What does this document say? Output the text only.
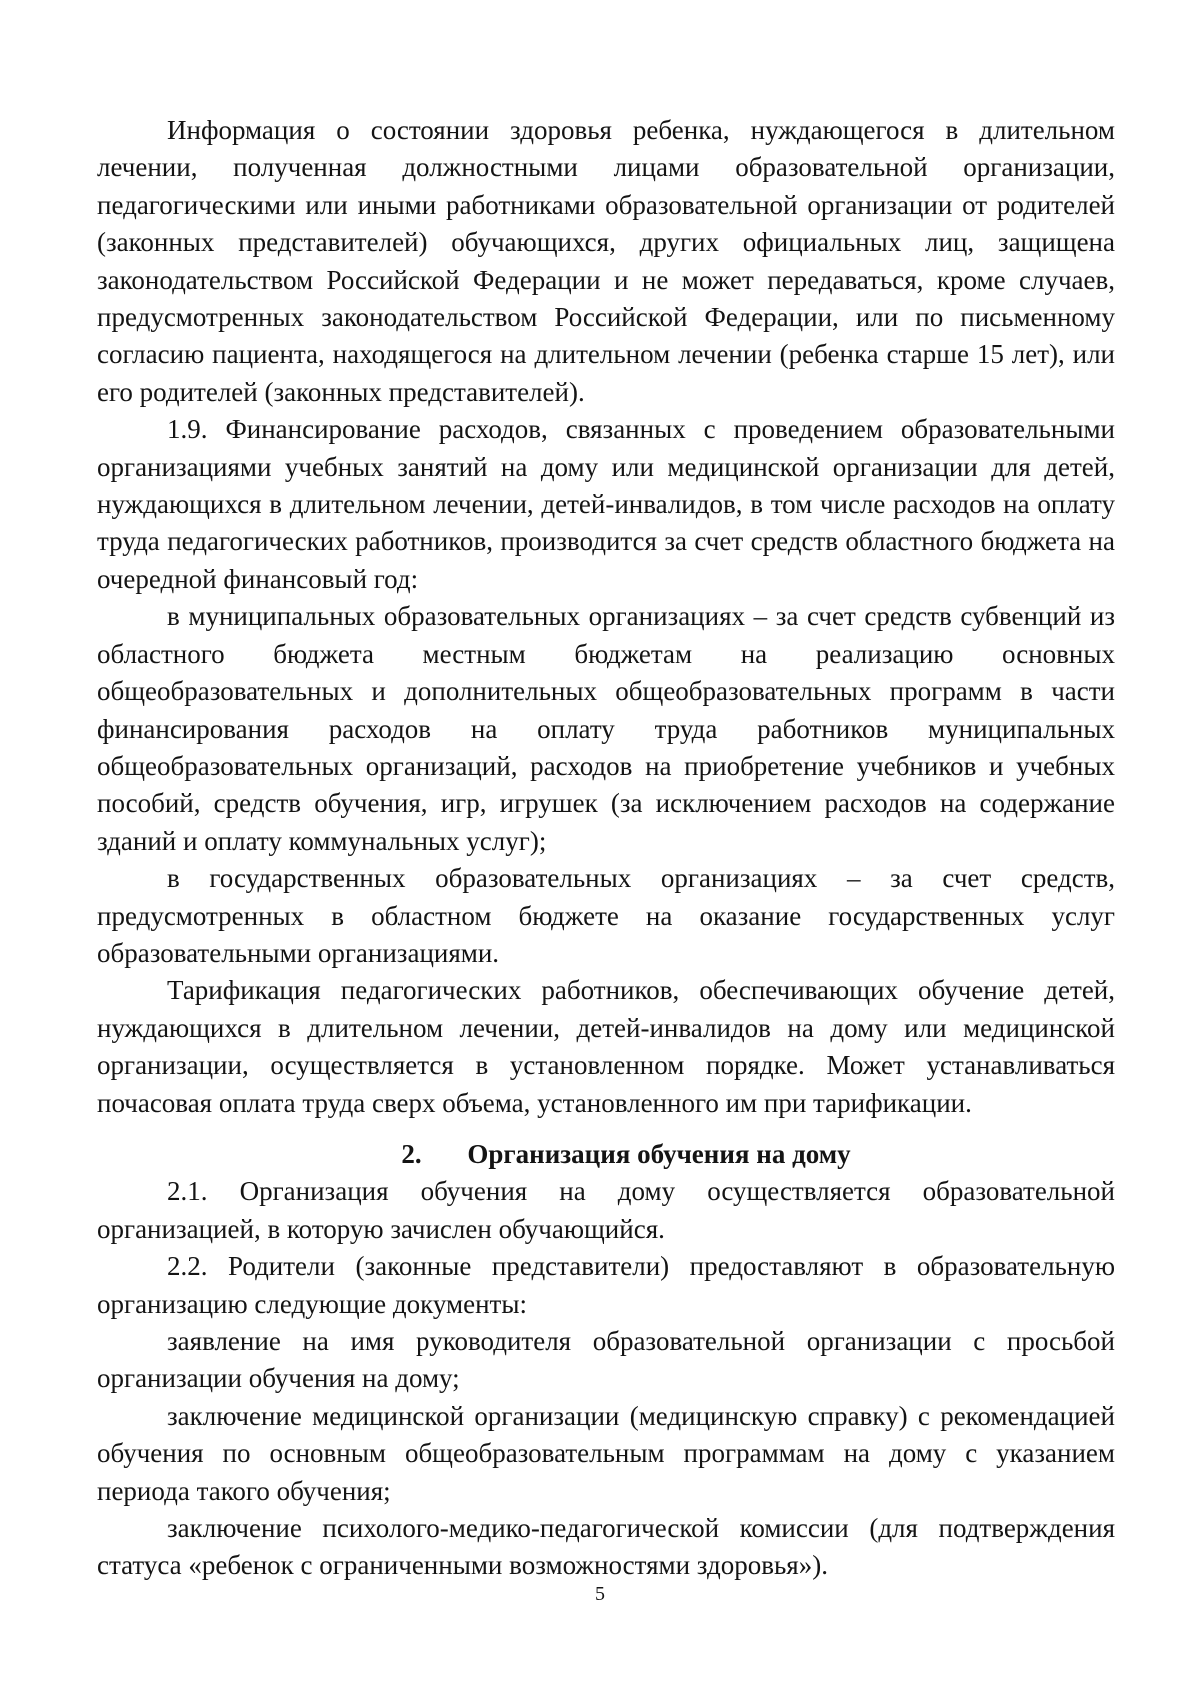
Информация о состоянии здоровья ребенка, нуждающегося в длительном лечении, полученная должностными лицами образовательной организации, педагогическими или иными работниками образовательной организации от родителей (законных представителей) обучающихся, других официальных лиц, защищена законодательством Российской Федерации и не может передаваться, кроме случаев, предусмотренных законодательством Российской Федерации, или по письменному согласию пациента, находящегося на длительном лечении (ребенка старше 15 лет), или его родителей (законных представителей).

1.9. Финансирование расходов, связанных с проведением образовательными организациями учебных занятий на дому или медицинской организации для детей, нуждающихся в длительном лечении, детей-инвалидов, в том числе расходов на оплату труда педагогических работников, производится за счет средств областного бюджета на очередной финансовый год:

в муниципальных образовательных организациях – за счет средств субвенций из областного бюджета местным бюджетам на реализацию основных общеобразовательных и дополнительных общеобразовательных программ в части финансирования расходов на оплату труда работников муниципальных общеобразовательных организаций, расходов на приобретение учебников и учебных пособий, средств обучения, игр, игрушек (за исключением расходов на содержание зданий и оплату коммунальных услуг);

в государственных образовательных организациях – за счет средств, предусмотренных в областном бюджете на оказание государственных услуг образовательными организациями.

Тарификация педагогических работников, обеспечивающих обучение детей, нуждающихся в длительном лечении, детей-инвалидов на дому или медицинской организации, осуществляется в установленном порядке. Может устанавливаться почасовая оплата труда сверх объема, установленного им при тарификации.

2. Организация обучения на дому

2.1. Организация обучения на дому осуществляется образовательной организацией, в которую зачислен обучающийся.

2.2. Родители (законные представители) предоставляют в образовательную организацию следующие документы:

заявление на имя руководителя образовательной организации с просьбой организации обучения на дому;

заключение медицинской организации (медицинскую справку) с рекомендацией обучения по основным общеобразовательным программам на дому с указанием периода такого обучения;

заключение психолого-медико-педагогической комиссии (для подтверждения статуса «ребенок с ограниченными возможностями здоровья»).

5
